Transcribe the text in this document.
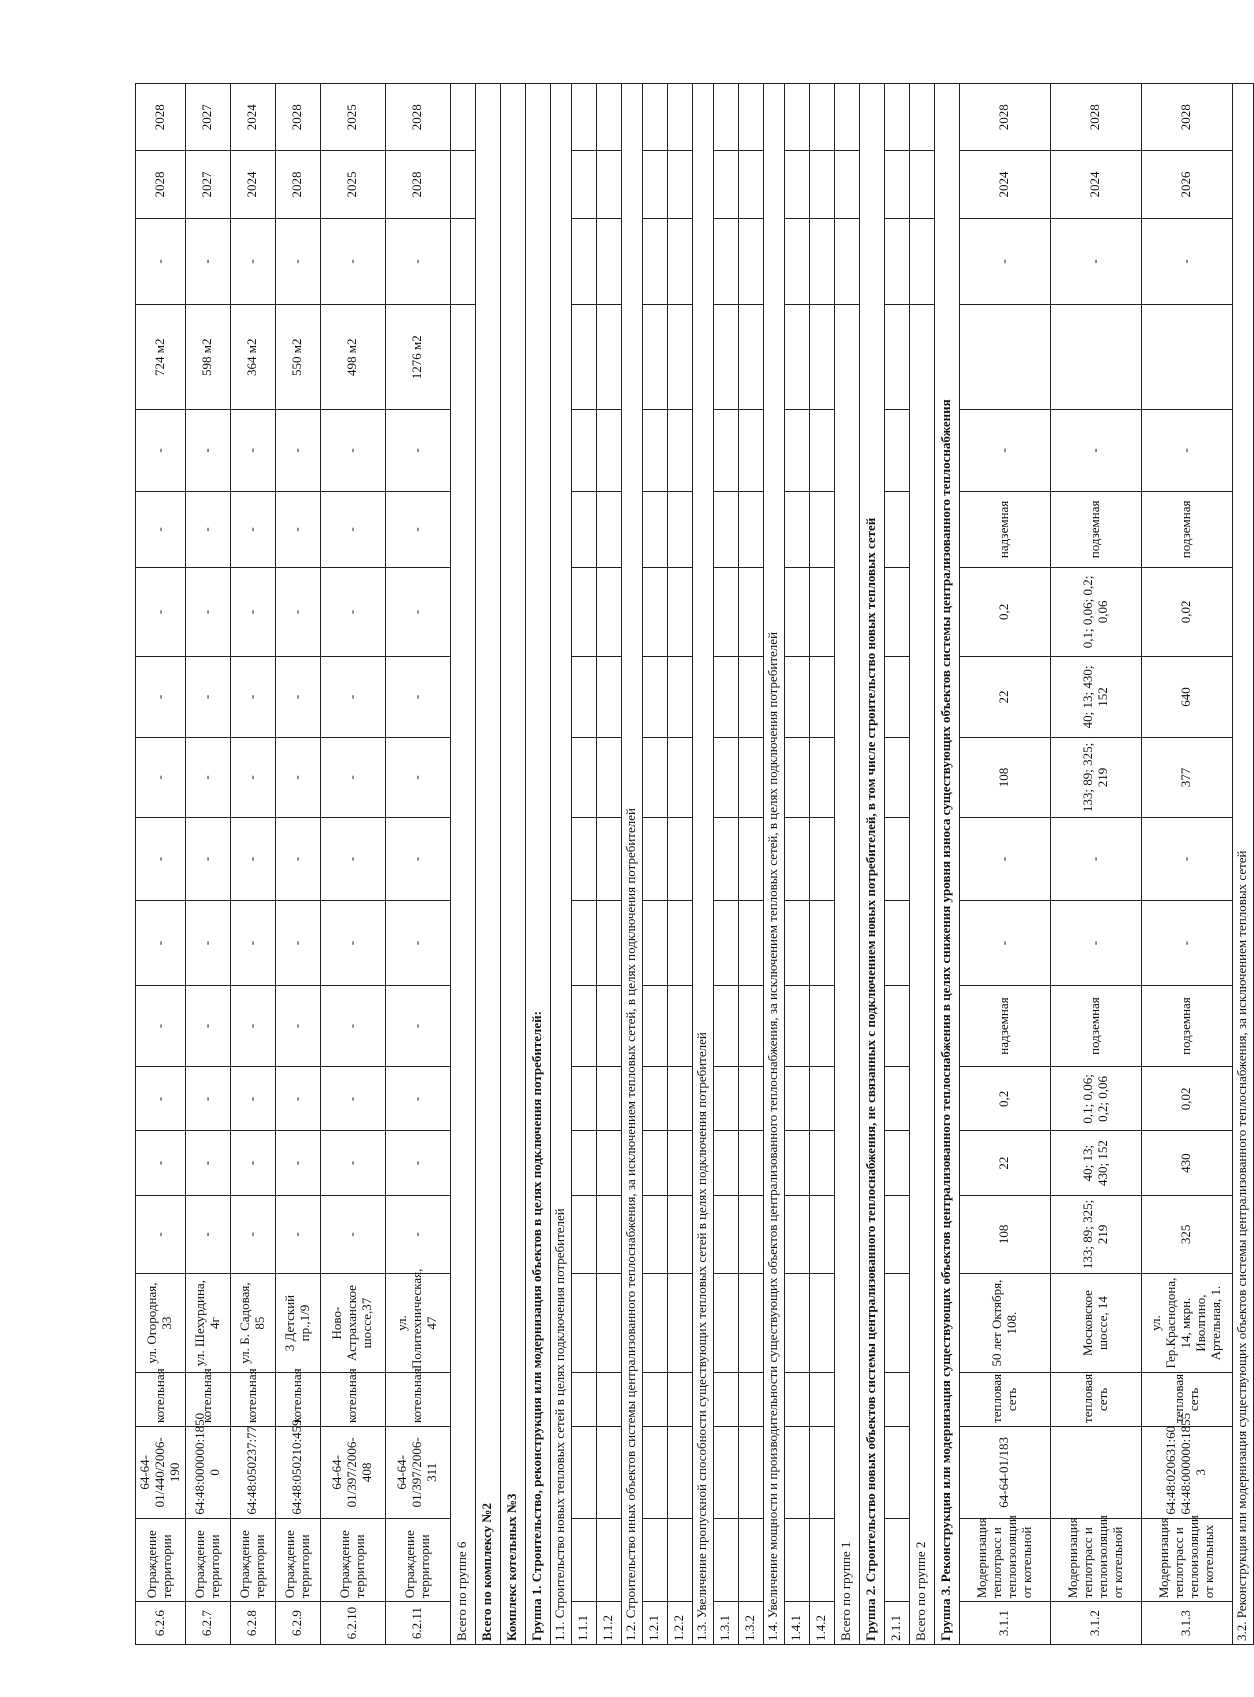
6.2.6	Ограждение территории	64-64-01/440/2006-190	котельная	ул. Огородная, 33	-	-	-	-	-	-	-	-	-	-	-	724 м2	-	2028	2028
6.2.7	Ограждение территории	64:48:000000:1850 0	котельная	ул. Шехурдина, 4г	-	-	-	-	-	-	-	-	-	-	-	598 м2	-	2027	2027
6.2.8	Ограждение территории	64:48:050237:77	котельная	ул. Б. Садовая, 85	-	-	-	-	-	-	-	-	-	-	-	364 м2	-	2024	2024
6.2.9	Ограждение территории	64:48:050210:459	котельная	3 Детский пр.,1/9	-	-	-	-	-	-	-	-	-	-	-	550 м2	-	2028	2028
6.2.10	Ограждение территории	64-64-01/397/2006-408	котельная	Ново-Астраханское шоссе,37	-	-	-	-	-	-	-	-	-	-	-	498 м2	-	2025	2025
6.2.11	Ограждение территории	64-64-01/397/2006-311	котельная	ул. Политехническая, 47	-	-	-	-	-	-	-	-	-	-	-	1276 м2	-	2028	2028
Всего по группе 6																			
Всего по комплексу №2																			
Комплекс котельных №3																			
Группа 1. Строительство, реконструкция или модернизация объектов в целях подключения потребителей:																			
1.1. Строительство новых тепловых сетей в целях подключения потребителей																			
1.1.1																			
1.1.2																			
1.2. Строительство иных объектов системы централизованного теплоснабжения, за исключением тепловых сетей, в целях подключения потребителей																			
1.2.1																			
1.2.2																			
1.3. Увеличение пропускной способности существующих тепловых сетей в целях подключения потребителей																			
1.3.1																			
1.3.2																			
1.4. Увеличение мощности и производительности существующих объектов централизованного теплоснабжения, за исключением тепловых сетей, в целях подключения потребителей																			
1.4.1																			
1.4.2																			
Всего по группе 1																			
Группа 2. Строительство новых объектов системы централизованного теплоснабжения, не связанных с подключением новых потребителей, в том числе строительство новых тепловых сетей																			
2.1.1																			
Всего по группе 2																			
Группа 3. Реконструкция или модернизация существующих объектов централизованного теплоснабжения в целях снижения уровня износа существующих объектов системы централизованного теплоснабжения																			
3.1.1	Модернизация теплотрасс и теплоизоляции от котельной	64-64-01/183	тепловая сеть	50 лет Октября, 108.	108	22	0,2	надземная	-	-	108	22	0,2	надземная	-		-	2024	2028
3.1.2	Модернизация теплотрасс и теплоизоляции от котельной		тепловая сеть	Московское шоссе, 14	133; 89; 325; 219	40; 13; 430; 152	0,1; 0,06; 0,2; 0,06	подземная	-	-	133; 89; 325; 219	40; 13; 430; 152	0,1; 0,06; 0,2; 0,06	подземная	-		-	2024	2028
3.1.3	Модернизация теплотрасс и теплоизоляции от котельных	64:48:020631:60 64:48:000000:1855 3	тепловая сеть	ул. Гер.Краснодона, 14, мкрн. Иволгино, Артельная, 1.	325	430	0,02	подземная	-	-	377	640	0,02	подземная	-		-	2026	2028
3.2. Реконструкция или модернизация существующих объектов системы централизованного теплоснабжения, за исключением тепловых сетей																			
